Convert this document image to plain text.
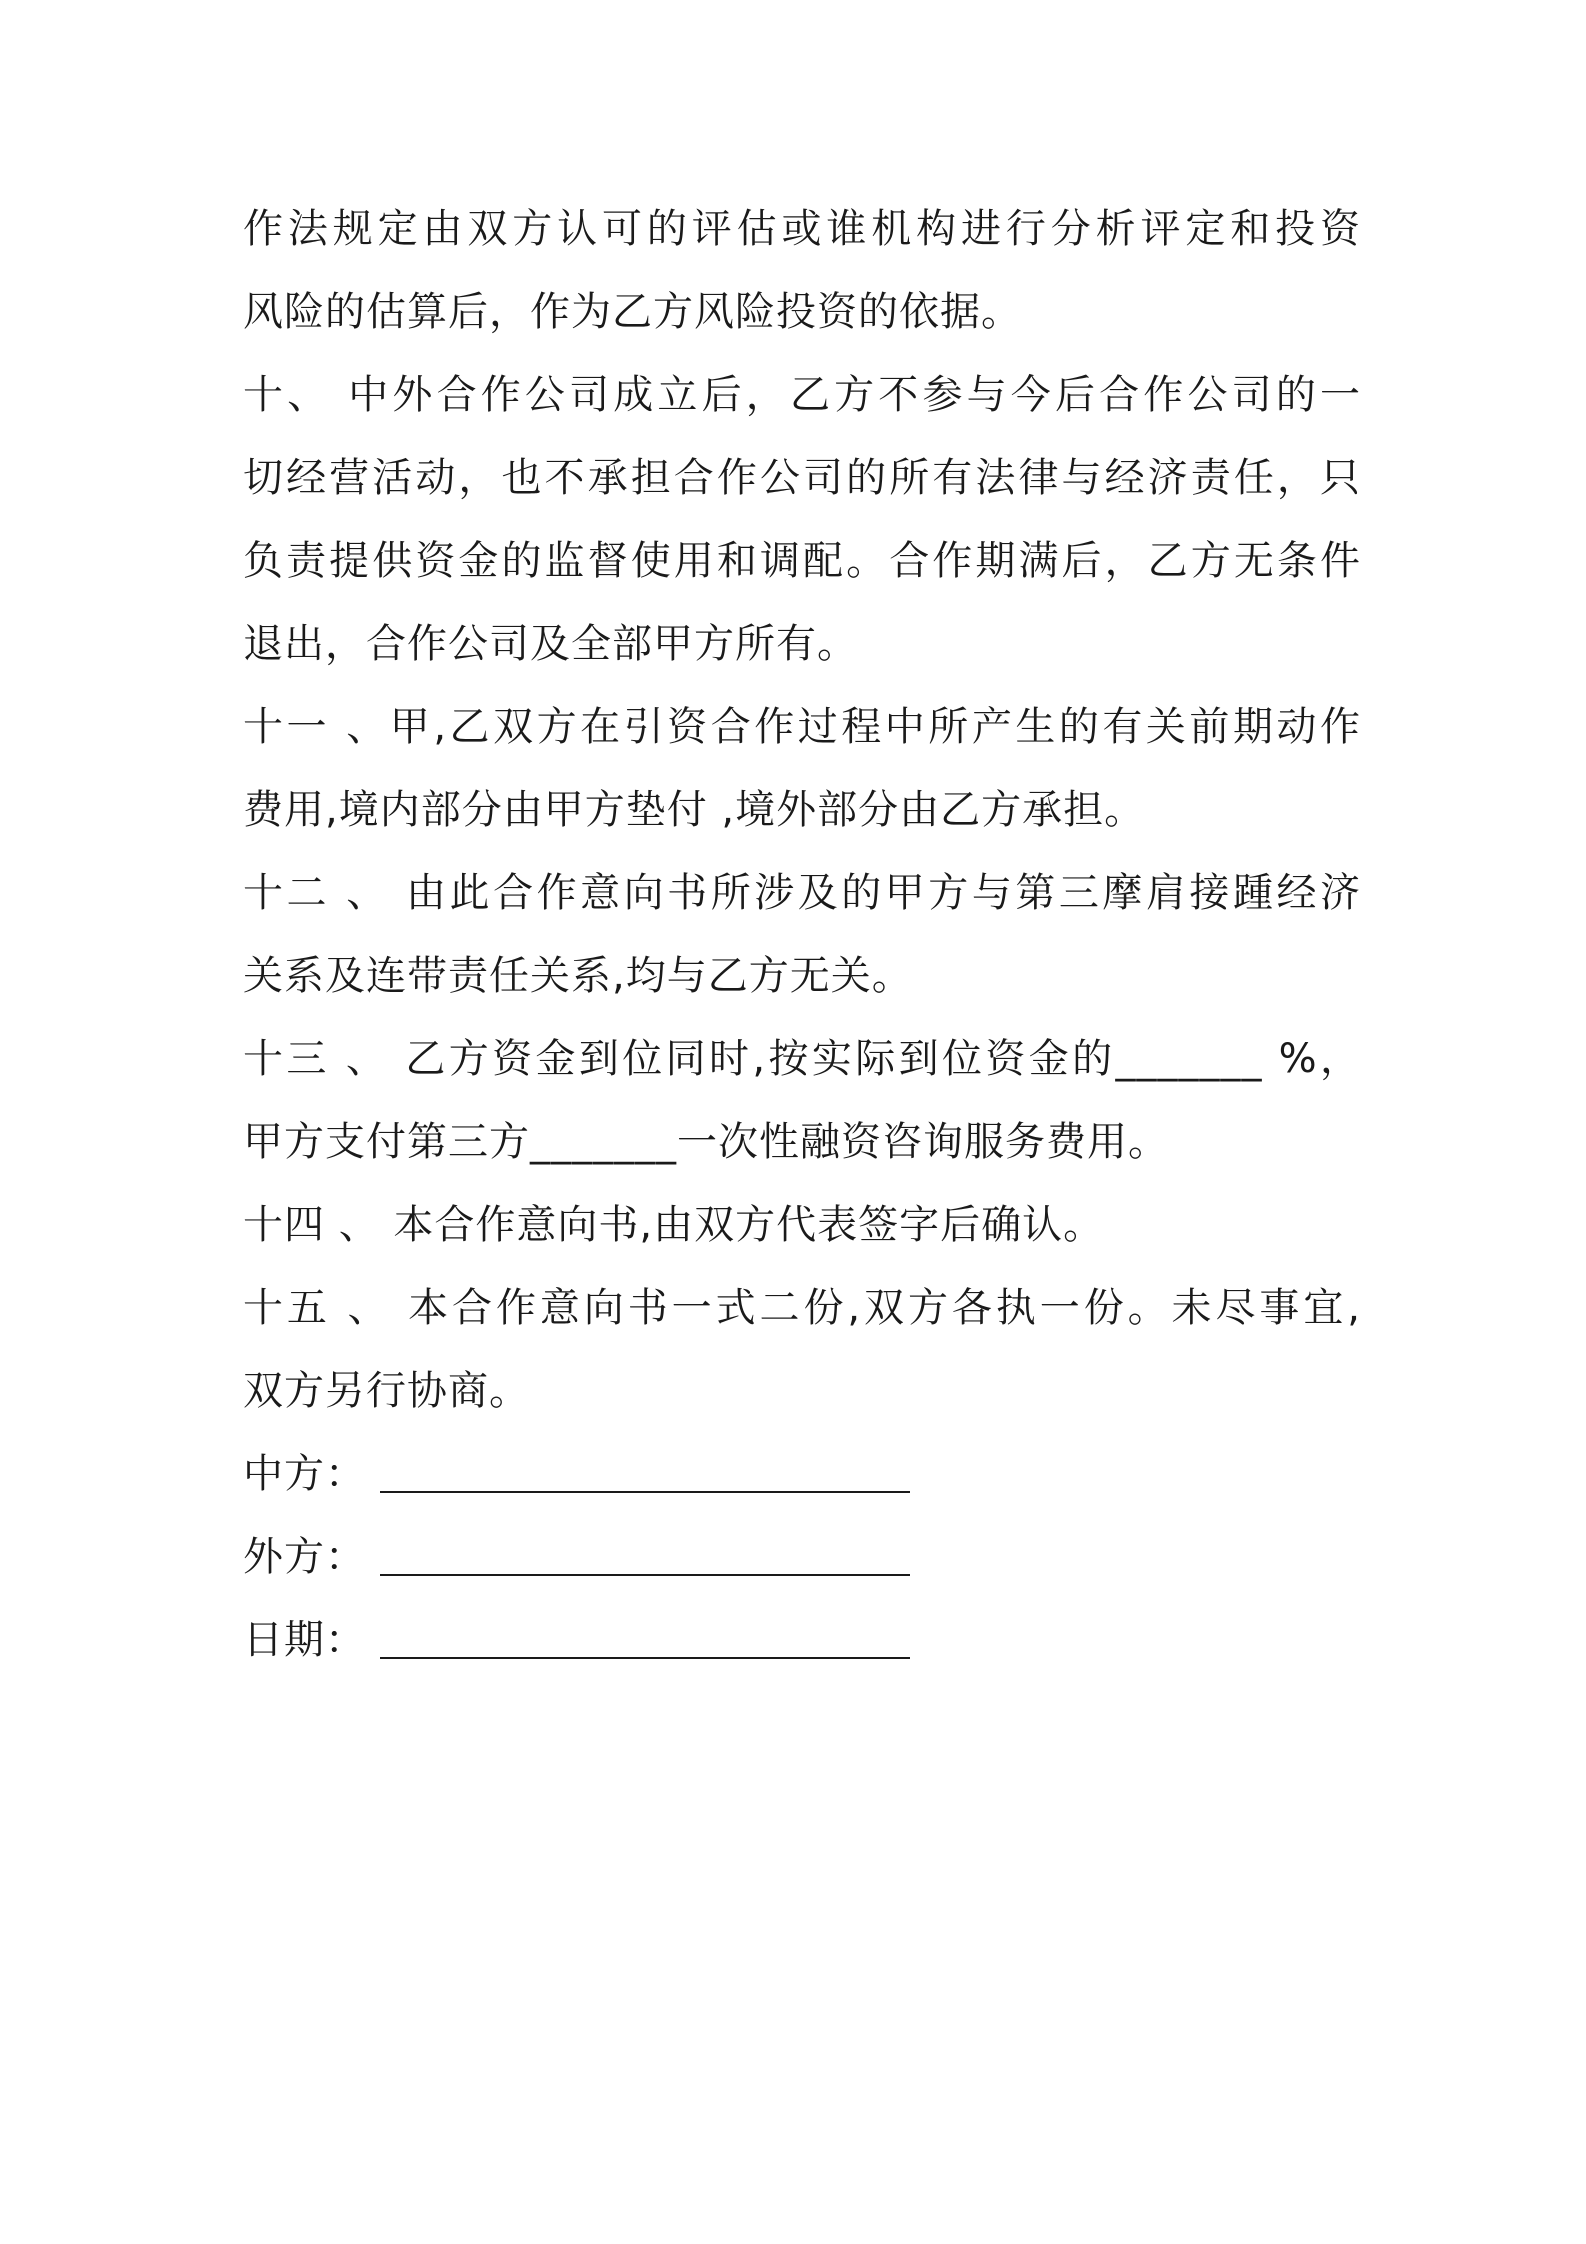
作法规定由双方认可的评估或谁机构进行分析评定和投资
风险的估算后，作为乙方风险投资的依据。
十、 中外合作公司成立后，乙方不参与今后合作公司的一
切经营活动，也不承担合作公司的所有法律与经济责任，只
负责提供资金的监督使用和调配。合作期满后，乙方无条件
退出，合作公司及全部甲方所有。
十一 、甲,乙双方在引资合作过程中所产生的有关前期动作
费用,境内部分由甲方垫付 ,境外部分由乙方承担。
十二 、 由此合作意向书所涉及的甲方与第三摩肩接踵经济
关系及连带责任关系,均与乙方无关。
十三 、 乙方资金到位同时,按实际到位资金的_______ %，
甲方支付第三方_______一次性融资咨询服务费用。
十四 、 本合作意向书,由双方代表签字后确认。
十五 、 本合作意向书一式二份,双方各执一份。未尽事宜,
双方另行协商。
中方：
外方：
日期：
